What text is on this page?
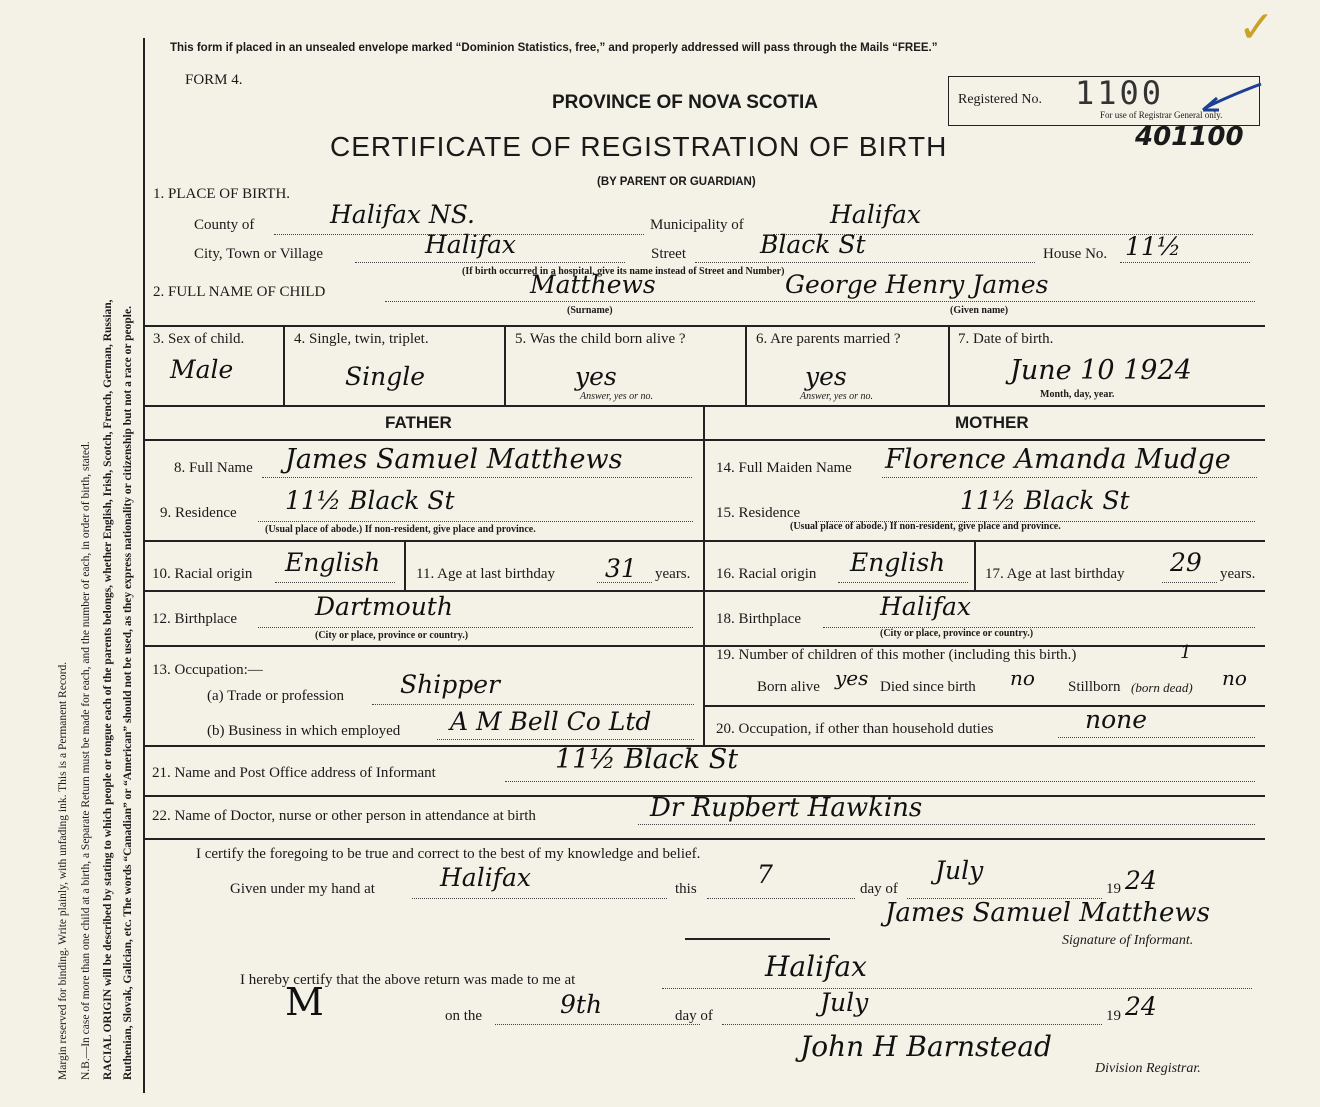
Margin reserved for binding. Write plainly, with unfading ink. This is a Permanent Record. N.B.—In case of more than one child at a birth, a Separate Return must be made for each, and the number of each, in order of birth, stated. RACIAL ORIGIN will be described by stating to which people or tongue each of the parents belongs, whether English, Irish, Scotch, French, German, Russian, Ruthenian, Slovak, Galician, etc. The words “Canadian” or “American” should not be used, as they express nationality or citizenship but not a race or people.
This form if placed in an unsealed envelope marked “Dominion Statistics, free,” and properly addressed will pass through the Mails “FREE.”
FORM 4.
PROVINCE OF NOVA SCOTIA
CERTIFICATE OF REGISTRATION OF BIRTH
(BY PARENT OR GUARDIAN)
Registered No. 1100
For use of Registrar General only.
401100
✓
1. PLACE OF BIRTH.
County of	Halifax NS.	Municipality of	Halifax
City, Town or Village	Halifax	Street	Black St	House No. 11½
(If birth occurred in a hospital, give its name instead of Street and Number)
2. FULL NAME OF CHILD	Matthews
(Surname)
George Henry James
(Given name)
3. Sex of child.
Male
4. Single, twin, triplet.
Single
5. Was the child born alive ?
yes
Answer, yes or no.
6. Are parents married ?
yes
Answer, yes or no.
7. Date of birth.
June 10 1924
Month, day, year.
FATHER	MOTHER
8. Full Name James Samuel Matthews
9. Residence 11½ Black St
(Usual place of abode.) If non-resident, give place and province.
10. Racial origin English 11. Age at last birthday 31 years.
12. Birthplace	Dartmouth
(City or place, province or country.)
13. Occupation:—
(a) Trade or profession Shipper
(b) Business in which employed A M Bell Co Ltd
14. Full Maiden Name Florence Amanda Mudge
15. Residence	11½ Black St
(Usual place of abode.) If non-resident, give place and province.
16. Racial origin English	17. Age at last birthday 29 years.
18. Birthplace	Halifax
(City or place, province or country.)
19. Number of children of this mother (including this birth.)	1
Born alive yes Died since birth no Stillborn (born dead) no
20. Occupation, if other than household duties	none
21. Name and Post Office address of Informant	11½ Black St
22. Name of Doctor, nurse or other person in attendance at birth	Dr Rupbert Hawkins
I certify the foregoing to be true and correct to the best of my knowledge and belief.
Given under my hand at	Halifax	this 7	day of
July
19 24
James Samuel Matthews
Signature of Informant.
I hereby certify that the above return was made to me at	Halifax
M	on the	9th	day of	July	19 24
John H Barnstead
Division Registrar.
